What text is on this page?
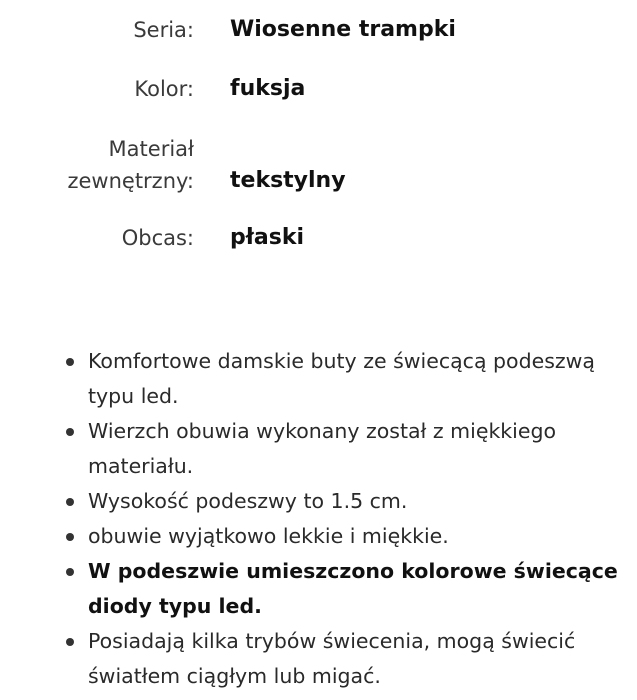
Seria: Wiosenne trampki
Kolor: fuksja
Materiał
zewnętrzny: tekstylny
Obcas: płaski
Komfortowe damskie buty ze świecącą podeszwą typu led.
Wierzch obuwia wykonany został z miękkiego materiału.
Wysokość podeszwy to 1.5 cm.
obuwie wyjątkowo lekkie i miękkie.
W podeszwie umieszczono kolorowe świecące diody typu led.
Posiadają kilka trybów świecenia, mogą świecić światłem ciągłym lub migać.
